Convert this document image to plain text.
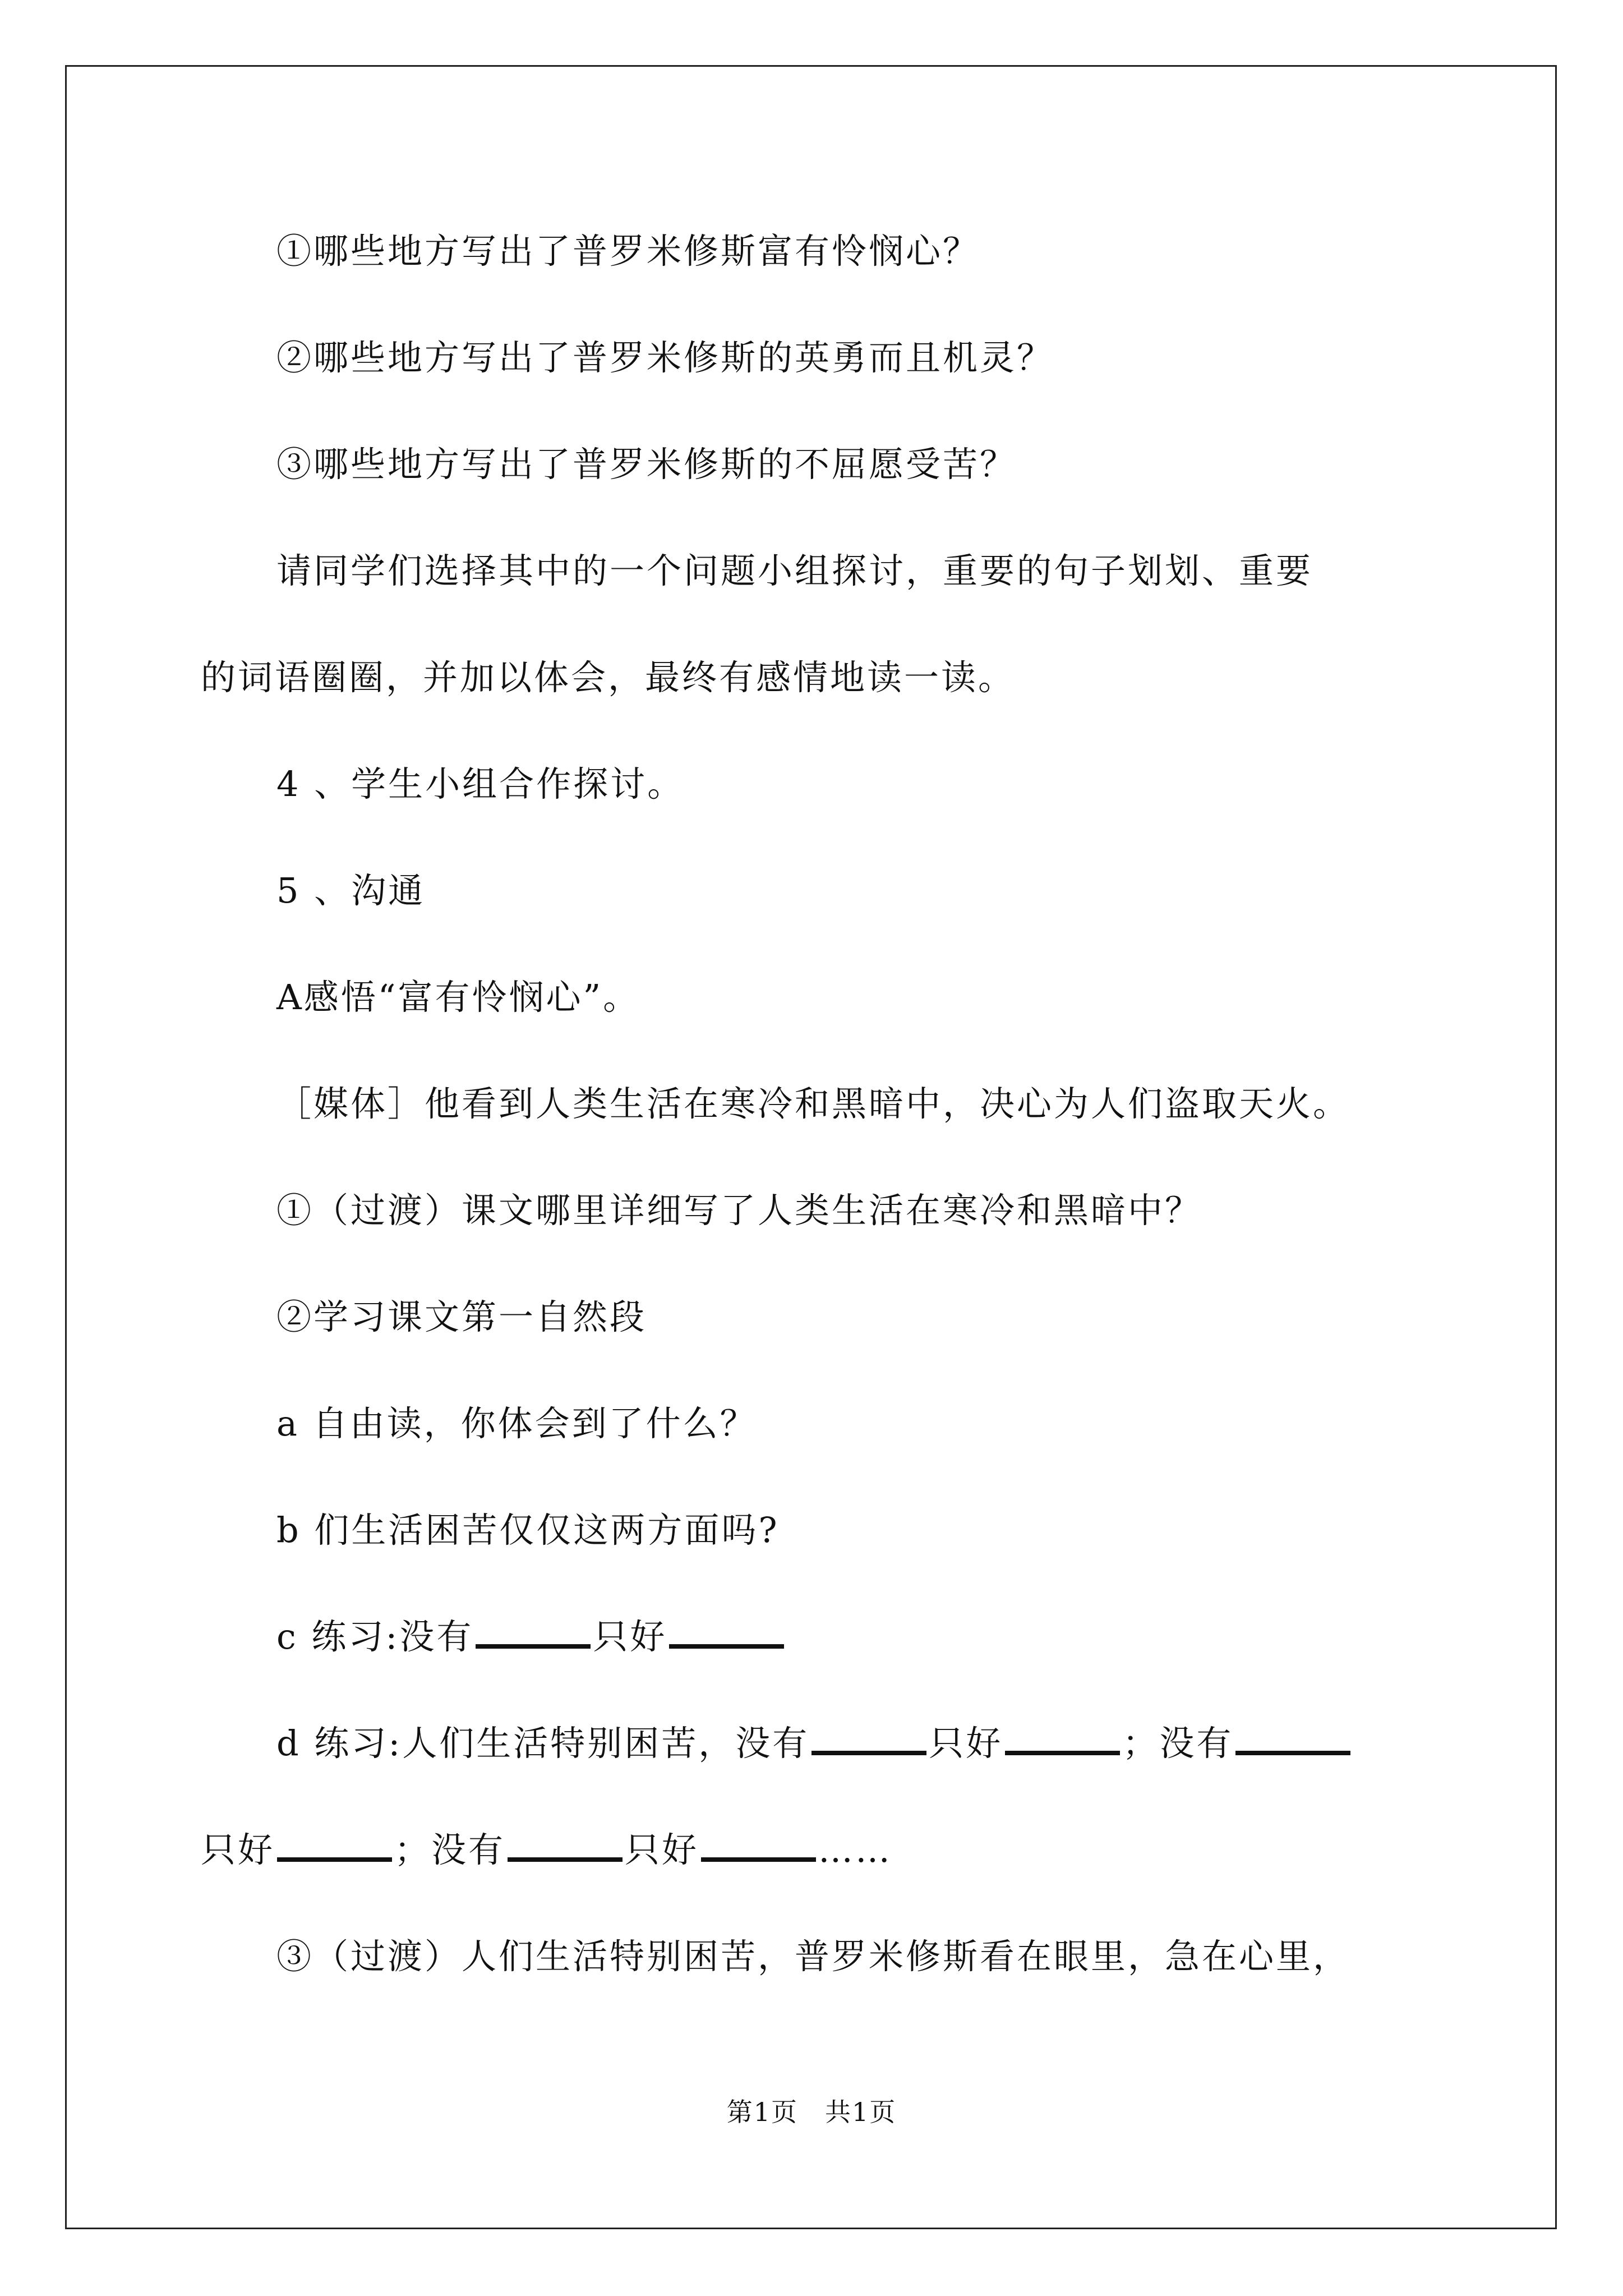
①哪些地方写出了普罗米修斯富有怜悯心？
②哪些地方写出了普罗米修斯的英勇而且机灵？
③哪些地方写出了普罗米修斯的不屈愿受苦？
请同学们选择其中的一个问题小组探讨，重要的句子划划、重要
的词语圈圈，并加以体会，最终有感情地读一读。
4 、学生小组合作探讨。
5 、沟通
A感悟“富有怜悯心”。
［媒体］他看到人类生活在寒冷和黑暗中，决心为人们盗取天火。
①（过渡）课文哪里详细写了人类生活在寒冷和黑暗中？
②学习课文第一自然段
a 自由读，你体会到了什么？
b 们生活困苦仅仅这两方面吗?
c 练习:没有	只好
d 练习:人们生活特别困苦，没有	只好	；没有
只好	；没有	只好	……
③（过渡）人们生活特别困苦，普罗米修斯看在眼里，急在心里，
第1页　共1页
